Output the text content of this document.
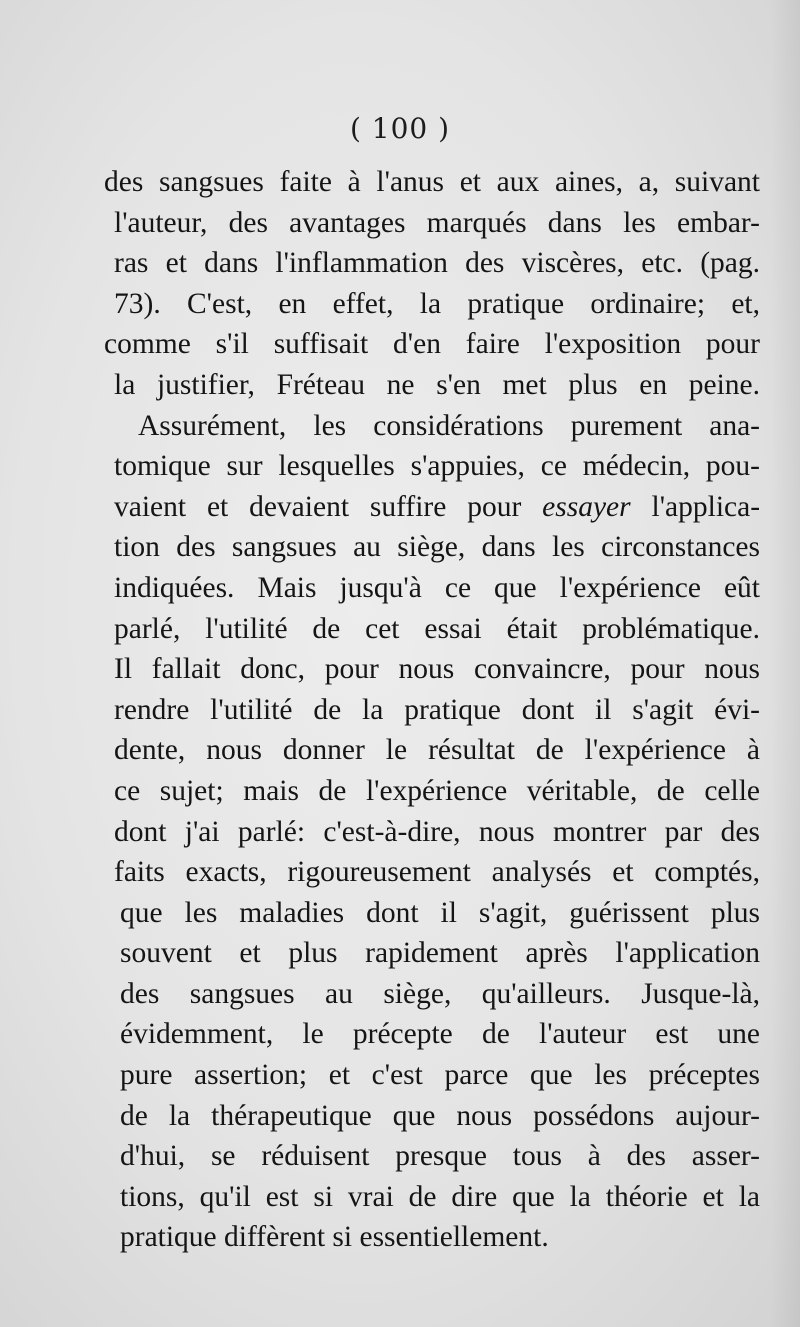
( 100 )
des sangsues faite à l'anus et aux aines, a, suivant
l'auteur, des avantages marqués dans les embar-
ras et dans l'inflammation des viscères, etc. (pag.
73). C'est, en effet, la pratique ordinaire; et,
comme s'il suffisait d'en faire l'exposition pour
la justifier, Fréteau ne s'en met plus en peine.
Assurément, les considérations purement ana-
tomique sur lesquelles s'appuies, ce médecin, pou-
vaient et devaient suffire pour essayer l'applica-
tion des sangsues au siège, dans les circonstances
indiquées. Mais jusqu'à ce que l'expérience eût
parlé, l'utilité de cet essai était problématique.
Il fallait donc, pour nous convaincre, pour nous
rendre l'utilité de la pratique dont il s'agit évi-
dente, nous donner le résultat de l'expérience à
ce sujet; mais de l'expérience véritable, de celle
dont j'ai parlé: c'est-à-dire, nous montrer par des
faits exacts, rigoureusement analysés et comptés,
que les maladies dont il s'agit, guérissent plus
souvent et plus rapidement après l'application
des sangsues au siège, qu'ailleurs. Jusque-là,
évidemment, le précepte de l'auteur est une
pure assertion; et c'est parce que les préceptes
de la thérapeutique que nous possédons aujour-
d'hui, se réduisent presque tous à des asser-
tions, qu'il est si vrai de dire que la théorie et la
pratique diffèrent si essentiellement.
